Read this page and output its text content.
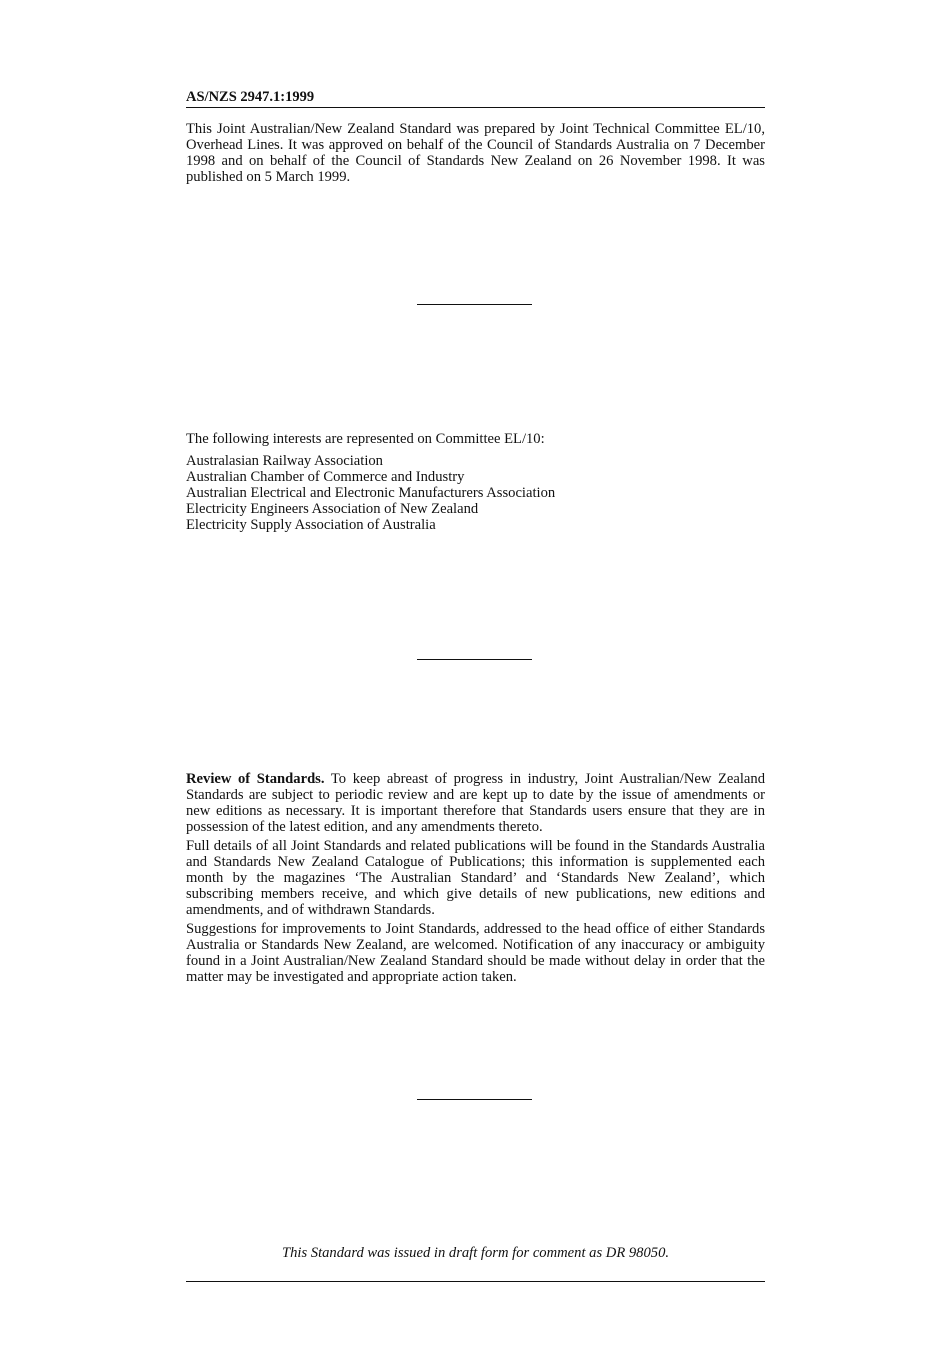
AS/NZS 2947.1:1999

This Joint Australian/New Zealand Standard was prepared by Joint Technical Committee EL/10, Overhead Lines. It was approved on behalf of the Council of Standards Australia on 7 December 1998 and on behalf of the Council of Standards New Zealand on 26 November 1998. It was published on 5 March 1999.

The following interests are represented on Committee EL/10:

Australasian Railway Association
Australian Chamber of Commerce and Industry
Australian Electrical and Electronic Manufacturers Association
Electricity Engineers Association of New Zealand
Electricity Supply Association of Australia

Review of Standards. To keep abreast of progress in industry, Joint Australian/New Zealand Standards are subject to periodic review and are kept up to date by the issue of amendments or new editions as necessary. It is important therefore that Standards users ensure that they are in possession of the latest edition, and any amendments thereto.

Full details of all Joint Standards and related publications will be found in the Standards Australia and Standards New Zealand Catalogue of Publications; this information is supplemented each month by the magazines ‘The Australian Standard’ and ‘Standards New Zealand’, which subscribing members receive, and which give details of new publications, new editions and amendments, and of withdrawn Standards.

Suggestions for improvements to Joint Standards, addressed to the head office of either Standards Australia or Standards New Zealand, are welcomed. Notification of any inaccuracy or ambiguity found in a Joint Australian/New Zealand Standard should be made without delay in order that the matter may be investigated and appropriate action taken.

This Standard was issued in draft form for comment as DR 98050.
